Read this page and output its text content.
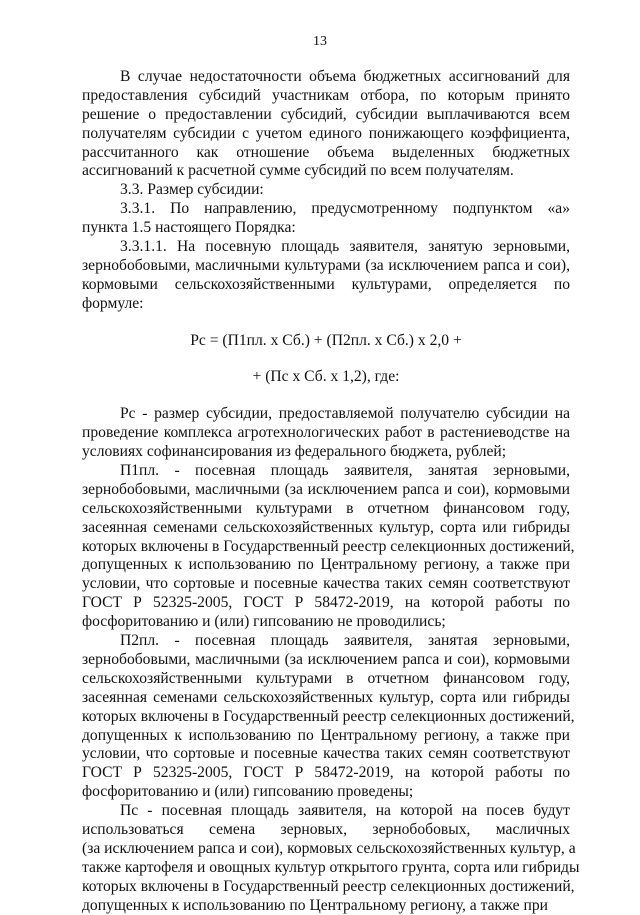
13
В случае недостаточности объема бюджетных ассигнований для
предоставления субсидий участникам отбора, по которым принято
решение о предоставлении субсидий, субсидии выплачиваются всем
получателям субсидии с учетом единого понижающего коэффициента,
рассчитанного как отношение объема выделенных бюджетных
ассигнований к расчетной сумме субсидий по всем получателям.
3.3. Размер субсидии:
3.3.1. По направлению, предусмотренному подпунктом «а»
пункта 1.5 настоящего Порядка:
3.3.1.1. На посевную площадь заявителя, занятую зерновыми,
зернобобовыми, масличными культурами (за исключением рапса и сои),
кормовыми сельскохозяйственными культурами, определяется по
формуле:
Рс = (П1пл. х Сб.) + (П2пл. х Сб.) х 2,0 +
+ (Пс х Сб. х 1,2), где:
Рс - размер субсидии, предоставляемой получателю субсидии на
проведение комплекса агротехнологических работ в растениеводстве на
условиях софинансирования из федерального бюджета, рублей;
П1пл. - посевная площадь заявителя, занятая зерновыми,
зернобобовыми, масличными (за исключением рапса и сои), кормовыми
сельскохозяйственными культурами в отчетном финансовом году,
засеянная семенами сельскохозяйственных культур, сорта или гибриды
которых включены в Государственный реестр селекционных достижений,
допущенных к использованию по Центральному региону, а также при
условии, что сортовые и посевные качества таких семян соответствуют
ГОСТ Р 52325-2005, ГОСТ Р 58472-2019, на которой работы по
фосфоритованию и (или) гипсованию не проводились;
П2пл. - посевная площадь заявителя, занятая зерновыми,
зернобобовыми, масличными (за исключением рапса и сои), кормовыми
сельскохозяйственными культурами в отчетном финансовом году,
засеянная семенами сельскохозяйственных культур, сорта или гибриды
которых включены в Государственный реестр селекционных достижений,
допущенных к использованию по Центральному региону, а также при
условии, что сортовые и посевные качества таких семян соответствуют
ГОСТ Р 52325-2005, ГОСТ Р 58472-2019, на которой работы по
фосфоритованию и (или) гипсованию проведены;
Пс - посевная площадь заявителя, на которой на посев будут
использоваться семена зерновых, зернобобовых, масличных
(за исключением рапса и сои), кормовых сельскохозяйственных культур, а
также картофеля и овощных культур открытого грунта, сорта или гибриды
которых включены в Государственный реестр селекционных достижений,
допущенных к использованию по Центральному региону, а также при
